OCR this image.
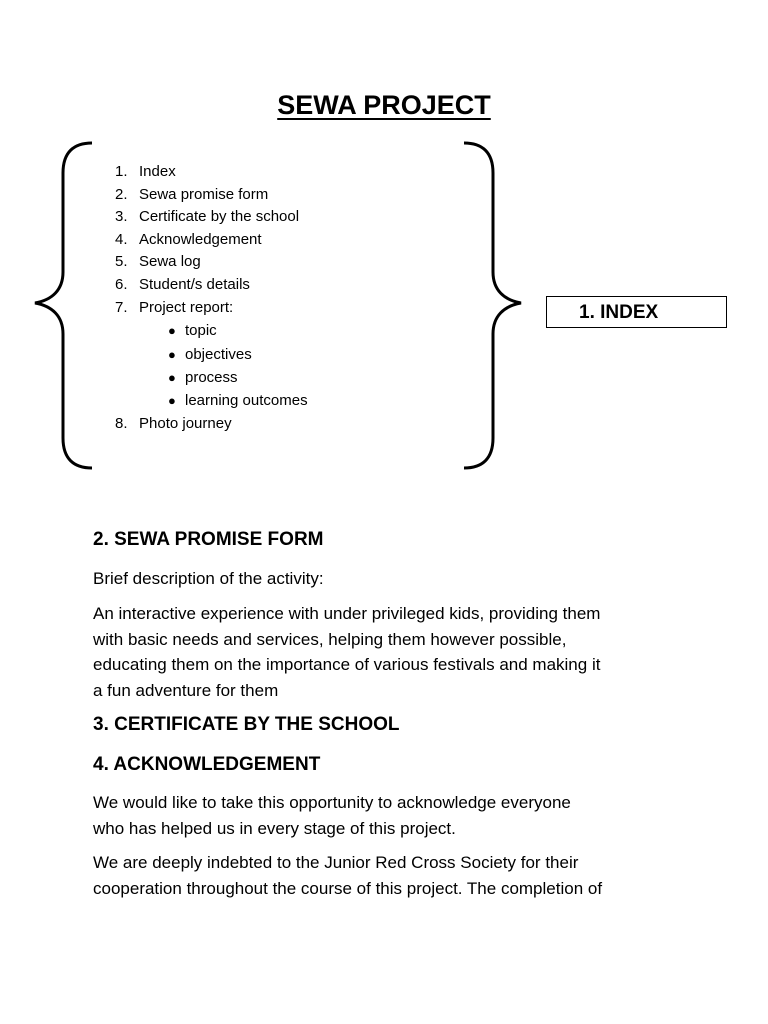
SEWA PROJECT
1. Index
2. Sewa promise form
3. Certificate by the school
4. Acknowledgement
5. Sewa log
6. Student/s details
7. Project report:
● topic
● objectives
● process
● learning outcomes
8. Photo journey
1. INDEX
2. SEWA PROMISE FORM
Brief description of the activity:
An interactive experience with under privileged kids, providing them
with basic needs and services, helping them however possible,
educating them on the importance of various festivals and making it
a fun adventure for them
3. CERTIFICATE BY THE SCHOOL
4. ACKNOWLEDGEMENT
We would like to take this opportunity to acknowledge everyone
who has helped us in every stage of this project.
We are deeply indebted to the Junior Red Cross Society for their
cooperation throughout the course of this project. The completion of
